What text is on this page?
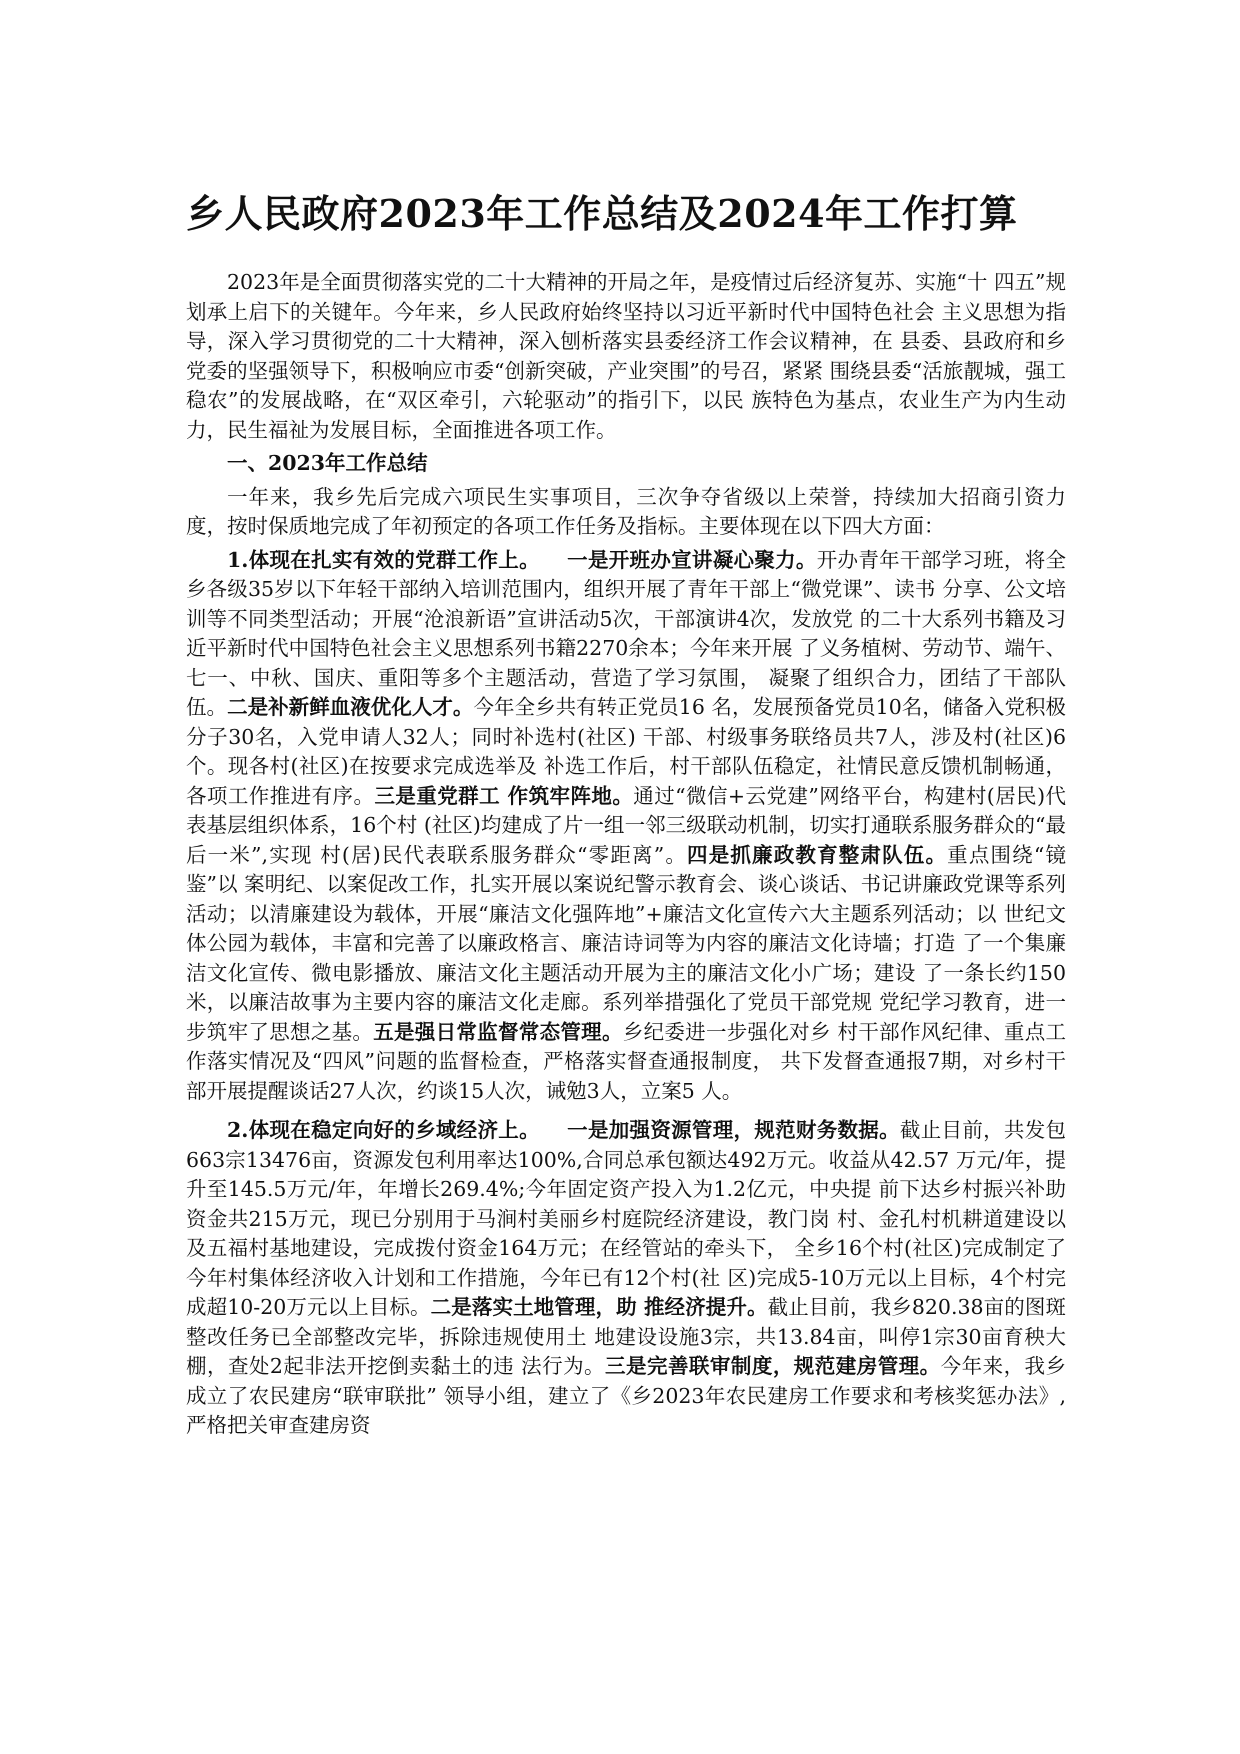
乡人民政府2023年工作总结及2024年工作打算

2023年是全面贯彻落实党的二十大精神的开局之年，是疫情过后经济复苏、实施“十 四五”规划承上启下的关键年。今年来，乡人民政府始终坚持以习近平新时代中国特色社会 主义思想为指导，深入学习贯彻党的二十大精神，深入刨析落实县委经济工作会议精神，在 县委、县政府和乡党委的坚强领导下，积极响应市委“创新突破，产业突围”的号召，紧紧 围绕县委“活旅靓城，强工稳农”的发展战略，在“双区牵引，六轮驱动”的指引下，以民 族特色为基点，农业生产为内生动力，民生福祉为发展目标，全面推进各项工作。

一、2023年工作总结

一年来，我乡先后完成六项民生实事项目，三次争夺省级以上荣誉，持续加大招商引资力度，按时保质地完成了年初预定的各项工作任务及指标。主要体现在以下四大方面：

1.体现在扎实有效的党群工作上。 一是开班办宣讲凝心聚力。开办青年干部学习班，将全乡各级35岁以下年轻干部纳入培训范围内，组织开展了青年干部上“微党课”、读书 分享、公文培训等不同类型活动；开展“沧浪新语”宣讲活动5次，干部演讲4次，发放党 的二十大系列书籍及习近平新时代中国特色社会主义思想系列书籍2270余本；今年来开展 了义务植树、劳动节、端午、七一、中秋、国庆、重阳等多个主题活动，营造了学习氛围， 凝聚了组织合力，团结了干部队伍。二是补新鲜血液优化人才。今年全乡共有转正党员16 名，发展预备党员10名，储备入党积极分子30名，入党申请人32人；同时补选村(社区) 干部、村级事务联络员共7人，涉及村(社区)6个。现各村(社区)在按要求完成选举及 补选工作后，村干部队伍稳定，社情民意反馈机制畅通，各项工作推进有序。三是重党群工 作筑牢阵地。通过“微信+云党建”网络平台，构建村(居民)代表基层组织体系，16个村 (社区)均建成了片一组一邻三级联动机制，切实打通联系服务群众的“最后一米”,实现 村(居)民代表联系服务群众“零距离”。四是抓廉政教育整肃队伍。重点围绕“镜鉴”以 案明纪、以案促改工作，扎实开展以案说纪警示教育会、谈心谈话、书记讲廉政党课等系列 活动；以清廉建设为载体，开展“廉洁文化强阵地”+廉洁文化宣传六大主题系列活动；以 世纪文体公园为载体，丰富和完善了以廉政格言、廉洁诗词等为内容的廉洁文化诗墙；打造 了一个集廉洁文化宣传、微电影播放、廉洁文化主题活动开展为主的廉洁文化小广场；建设 了一条长约150米，以廉洁故事为主要内容的廉洁文化走廊。系列举措强化了党员干部党规 党纪学习教育，进一步筑牢了思想之基。五是强日常监督常态管理。乡纪委进一步强化对乡 村干部作风纪律、重点工作落实情况及“四风”问题的监督检查，严格落实督查通报制度， 共下发督查通报7期，对乡村干部开展提醒谈话27人次，约谈15人次，诫勉3人，立案5 人。

2.体现在稳定向好的乡域经济上。 一是加强资源管理，规范财务数据。截止目前，共发包663宗13476亩，资源发包利用率达100%,合同总承包额达492万元。收益从42.57 万元/年，提升至145.5万元/年，年增长269.4%;今年固定资产投入为1.2亿元，中央提 前下达乡村振兴补助资金共215万元，现已分别用于马涧村美丽乡村庭院经济建设，教门岗 村、金孔村机耕道建设以及五福村基地建设，完成拨付资金164万元；在经管站的牵头下， 全乡16个村(社区)完成制定了今年村集体经济收入计划和工作措施，今年已有12个村(社 区)完成5-10万元以上目标，4个村完成超10-20万元以上目标。二是落实土地管理，助 推经济提升。截止目前，我乡820.38亩的图斑整改任务已全部整改完毕，拆除违规使用土 地建设设施3宗，共13.84亩，叫停1宗30亩育秧大棚，查处2起非法开挖倒卖黏土的违 法行为。三是完善联审制度，规范建房管理。今年来，我乡成立了农民建房“联审联批” 领导小组，建立了《乡2023年农民建房工作要求和考核奖惩办法》,严格把关审查建房资
